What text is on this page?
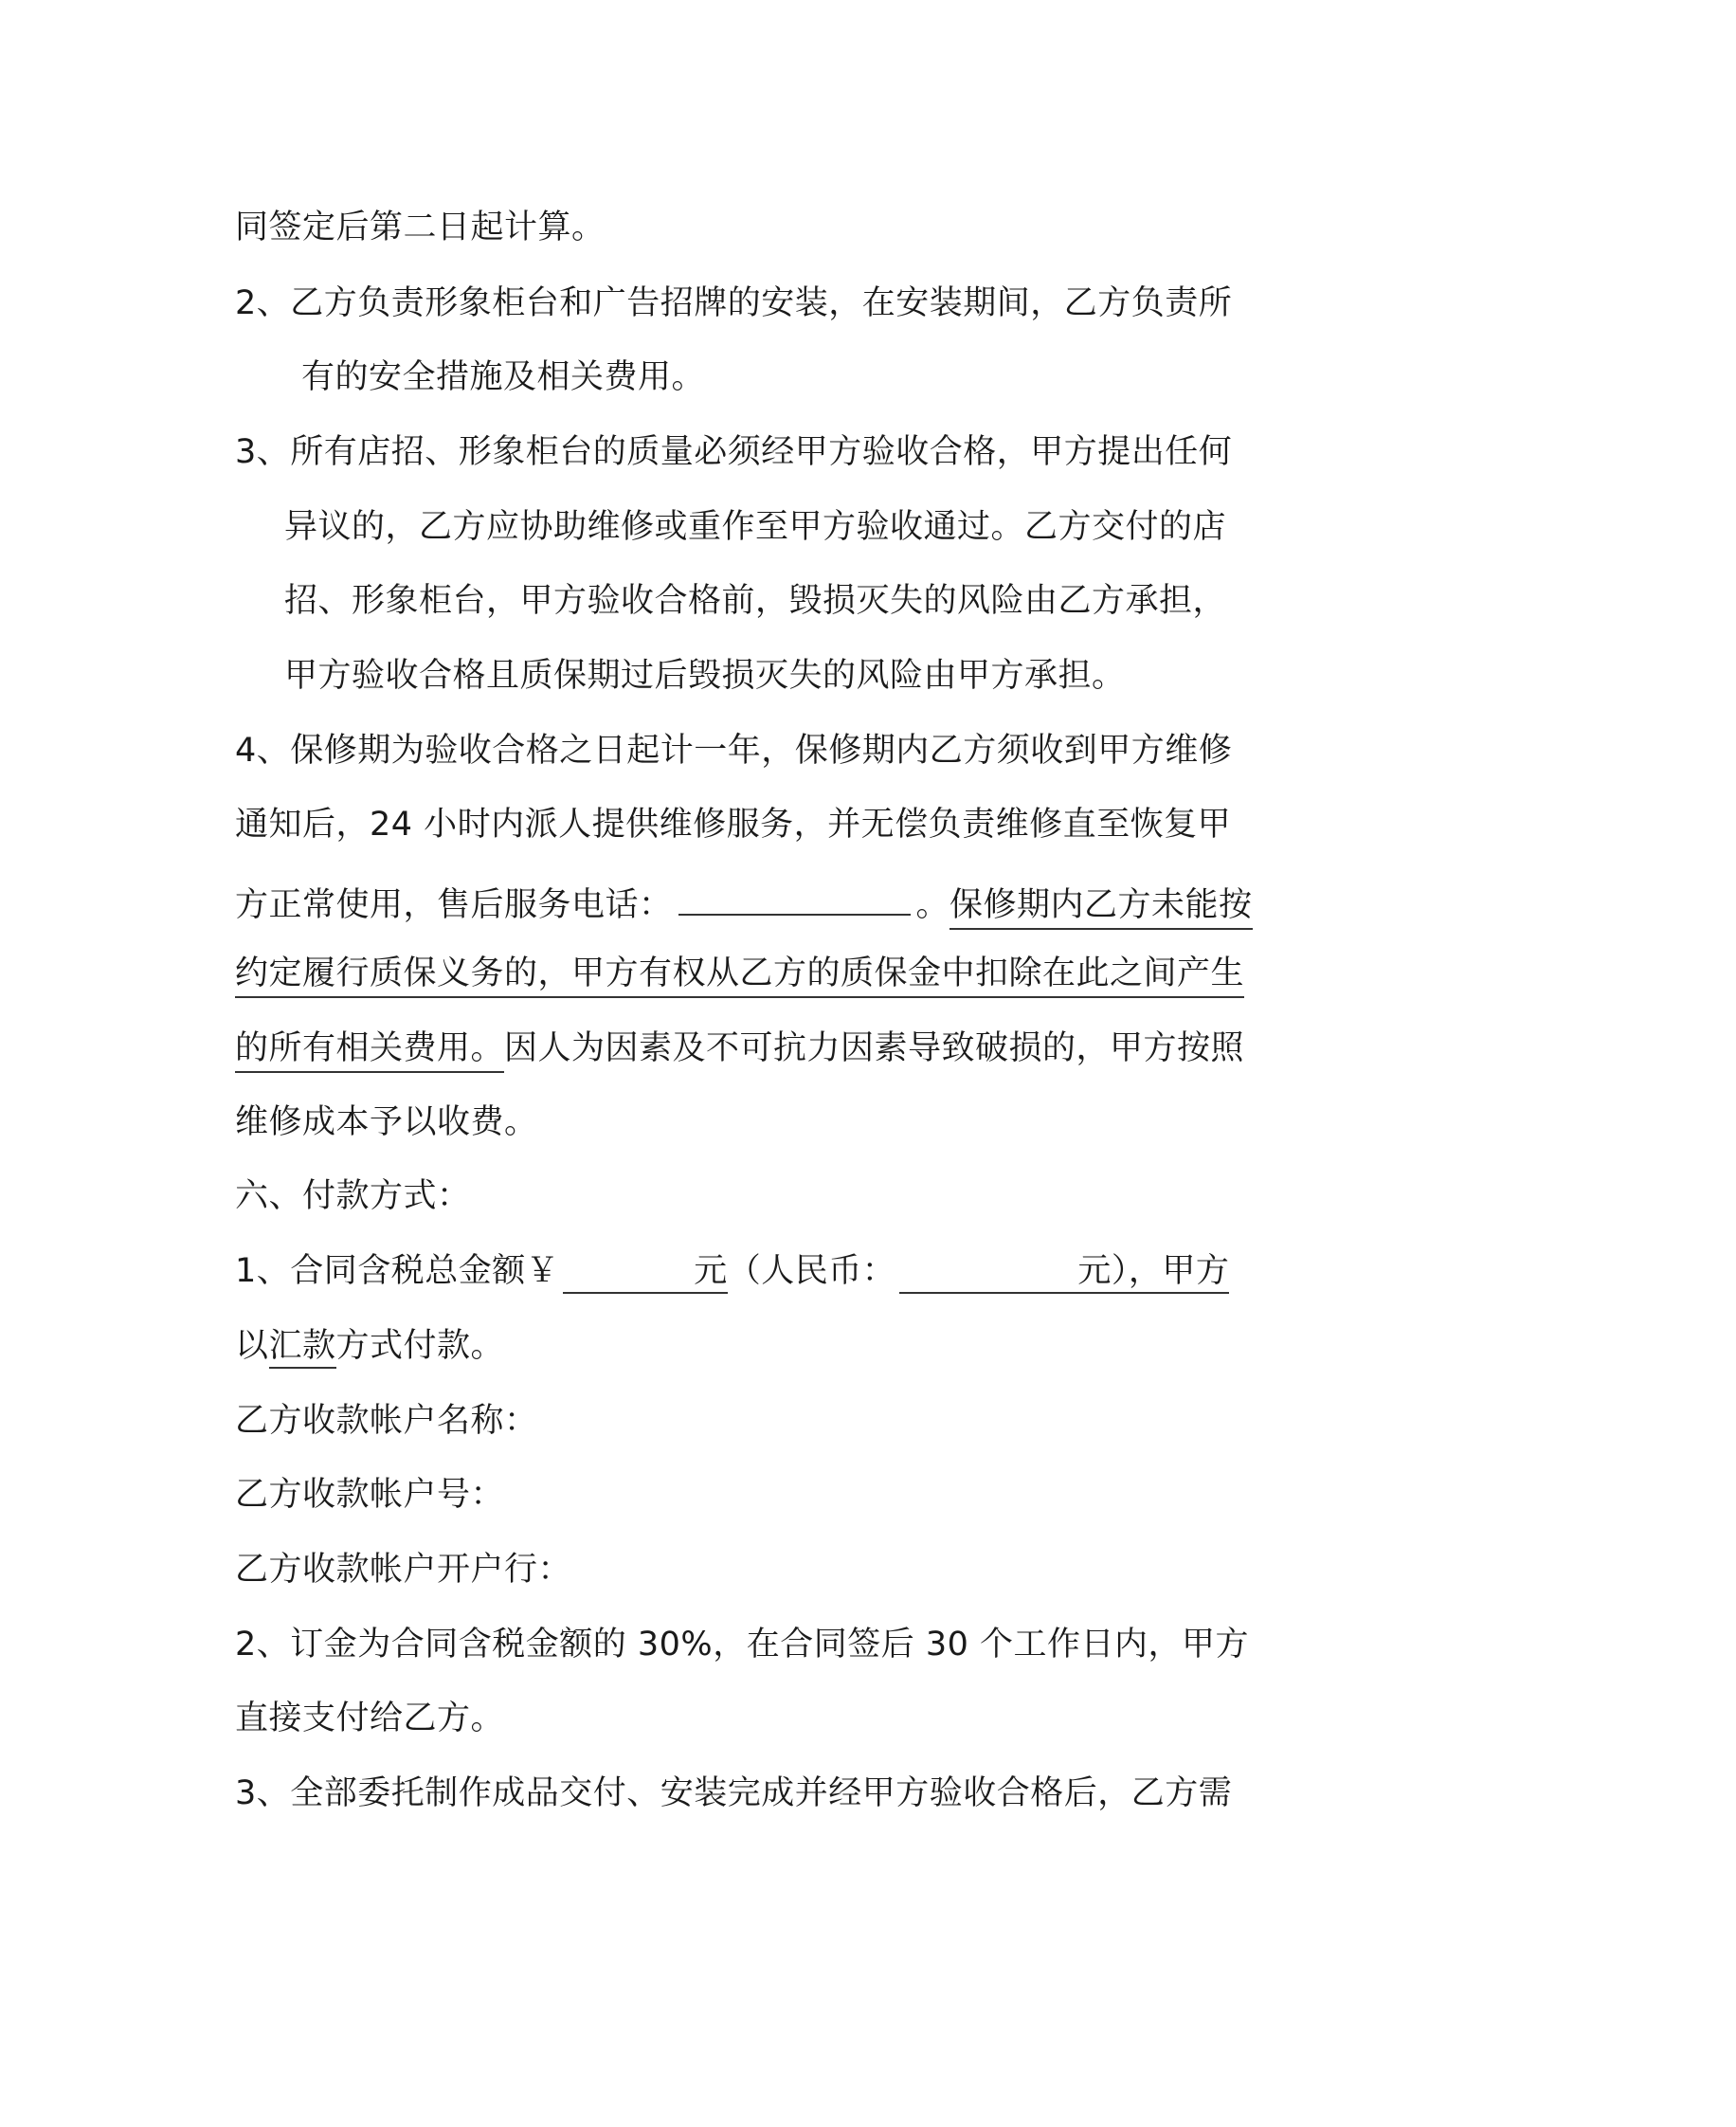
同签定后第二日起计算。
2、乙方负责形象柜台和广告招牌的安装，在安装期间，乙方负责所
有的安全措施及相关费用。
3、所有店招、形象柜台的质量必须经甲方验收合格，甲方提出任何
异议的，乙方应协助维修或重作至甲方验收通过。乙方交付的店
招、形象柜台，甲方验收合格前，毁损灭失的风险由乙方承担，
甲方验收合格且质保期过后毁损灭失的风险由甲方承担。
4、保修期为验收合格之日起计一年，保修期内乙方须收到甲方维修
通知后，24 小时内派人提供维修服务，并无偿负责维修直至恢复甲
方正常使用，售后服务电话：	。保修期内乙方未能按
约定履行质保义务的，甲方有权从乙方的质保金中扣除在此之间产生
的所有相关费用。因人为因素及不可抗力因素导致破损的，甲方按照
维修成本予以收费。
六、付款方式：
1、合同含税总金额￥	元（人民币：	元），甲方
以汇款方式付款。
乙方收款帐户名称：
乙方收款帐户号：
乙方收款帐户开户行：
2、订金为合同含税金额的 30%，在合同签后 30 个工作日内，甲方
直接支付给乙方。
3、全部委托制作成品交付、安装完成并经甲方验收合格后，乙方需
